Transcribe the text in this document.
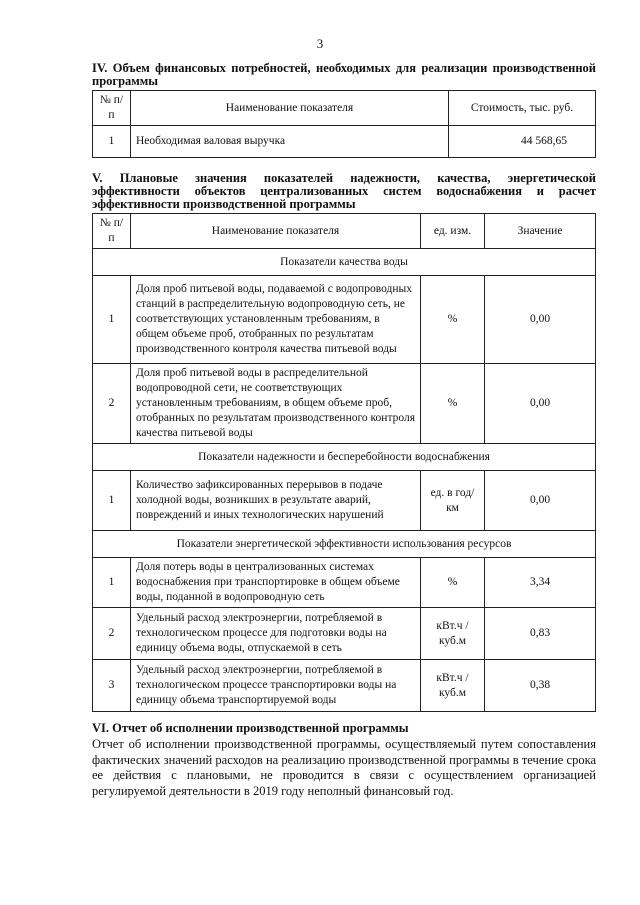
3
IV. Объем финансовых потребностей, необходимых для реализации производственной программы
№ п/п	Наименование показателя	Стоимость, тыс. руб.
1	Необходимая валовая выручка	44 568,65
V. Плановые значения показателей надежности, качества, энергетической эффективности объектов централизованных систем водоснабжения и расчет эффективности производственной программы
№ п/п	Наименование показателя	ед. изм.	Значение
Показатели качества воды			
1	Доля проб питьевой воды, подаваемой с водопроводных станций в распределительную водопроводную сеть, не соответствующих установленным требованиям, в общем объеме проб, отобранных по результатам производственного контроля качества питьевой воды	%	0,00
2	Доля проб питьевой воды в распределительной водопроводной сети, не соответствующих установленным требованиям, в общем объеме проб, отобранных по результатам производственного контроля качества питьевой воды	%	0,00
Показатели надежности и бесперебойности водоснабжения			
1	Количество зафиксированных перерывов в подаче холодной воды, возникших в результате аварий, повреждений и иных технологических нарушений	ед. в год/ км	0,00
Показатели энергетической эффективности использования ресурсов			
1	Доля потерь воды в централизованных системах водоснабжения при транспортировке в общем объеме воды, поданной в водопроводную сеть	%	3,34
2	Удельный расход электроэнергии, потребляемой в технологическом процессе для подготовки воды на единицу объема воды, отпускаемой в сеть	кВт.ч / куб.м	0,83
3	Удельный расход электроэнергии, потребляемой в технологическом процессе транспортировки воды на единицу объема транспортируемой воды	кВт.ч / куб.м	0,38
VI. Отчет об исполнении производственной программы
Отчет об исполнении производственной программы, осуществляемый путем сопоставления фактических значений расходов на реализацию производственной программы в течение срока ее действия с плановыми, не проводится в связи с осуществлением организацией регулируемой деятельности в 2019 году неполный финансовый год.
